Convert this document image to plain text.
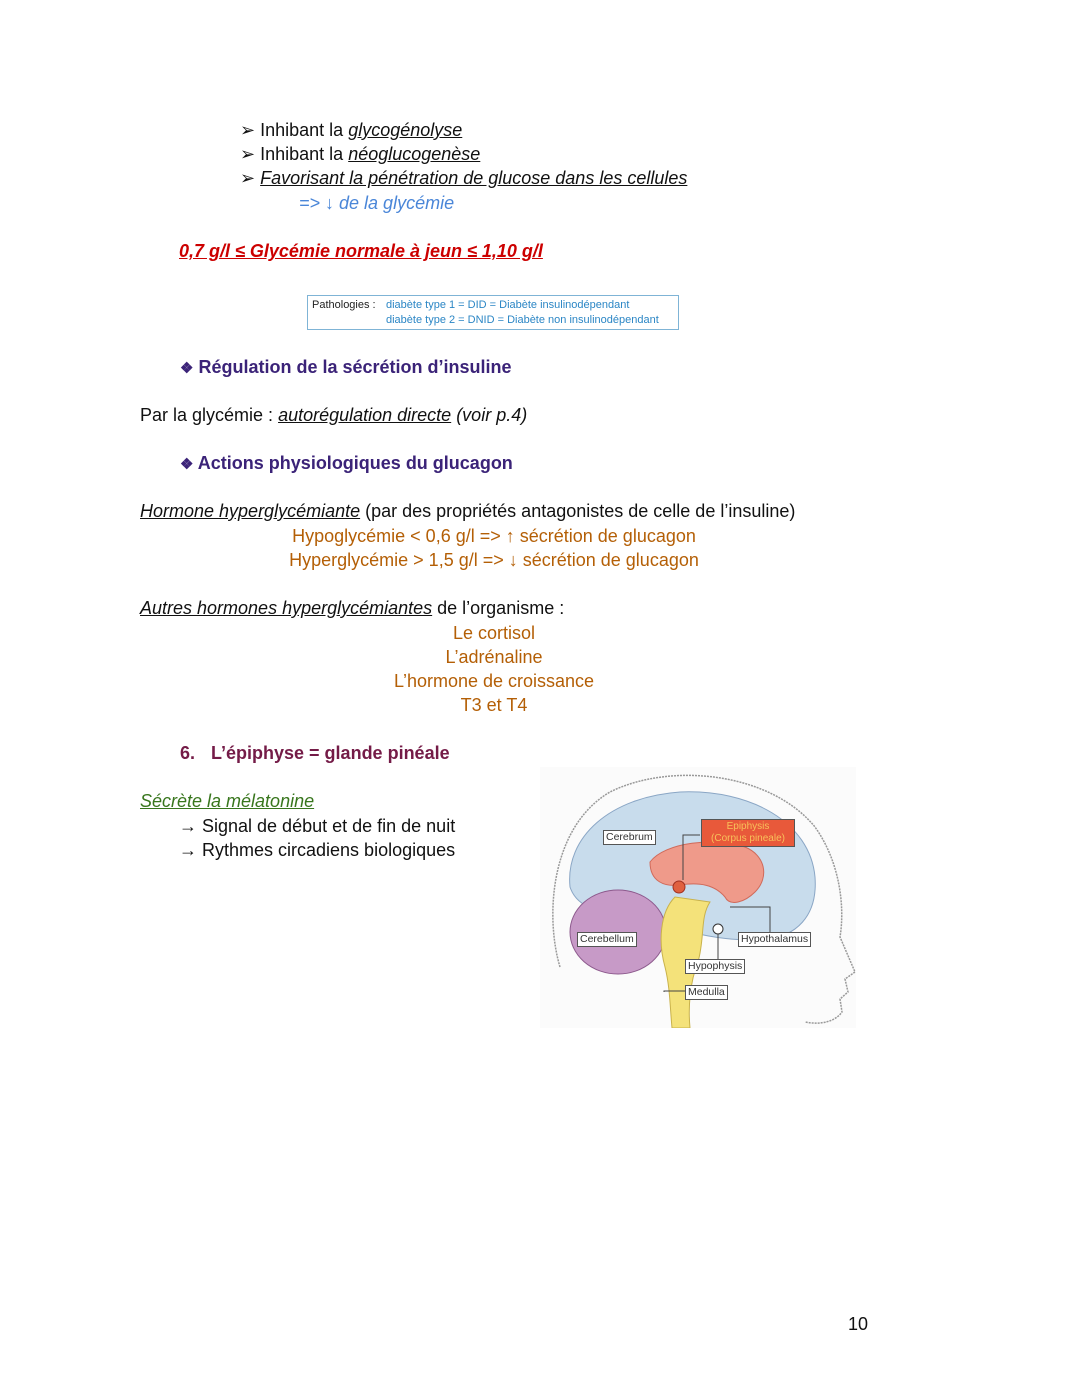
➢ Inhibant la glycogénolyse
➢ Inhibant la néoglucogenèse
➢ Favorisant la pénétration de glucose dans les cellules
=> ↓ de la glycémie
0,7 g/l ≤ Glycémie normale à jeun ≤ 1,10 g/l
Pathologies : diabète type 1 = DID = Diabète insulinodépendant
diabète type 2 = DNID = Diabète non insulinodépendant
❖ Régulation de la sécrétion d’insuline
Par la glycémie : autorégulation directe (voir p.4)
❖ Actions physiologiques du glucagon
Hormone hyperglycémiante (par des propriétés antagonistes de celle de l’insuline)
Hypoglycémie < 0,6 g/l => ↑ sécrétion de glucagon
Hyperglycémie > 1,5 g/l => ↓ sécrétion de glucagon
Autres hormones hyperglycémiantes de l’organisme :
Le cortisol
L’adrénaline
L’hormone de croissance
T3 et T4
6. L’épiphyse = glande pinéale
Sécrète la mélatonine
→ Signal de début et de fin de nuit
→ Rythmes circadiens biologiques
Cerebrum
Epiphysis
(Corpus pineale)
Cerebellum	Hypothalamus
Hypophysis
Medulla
10
